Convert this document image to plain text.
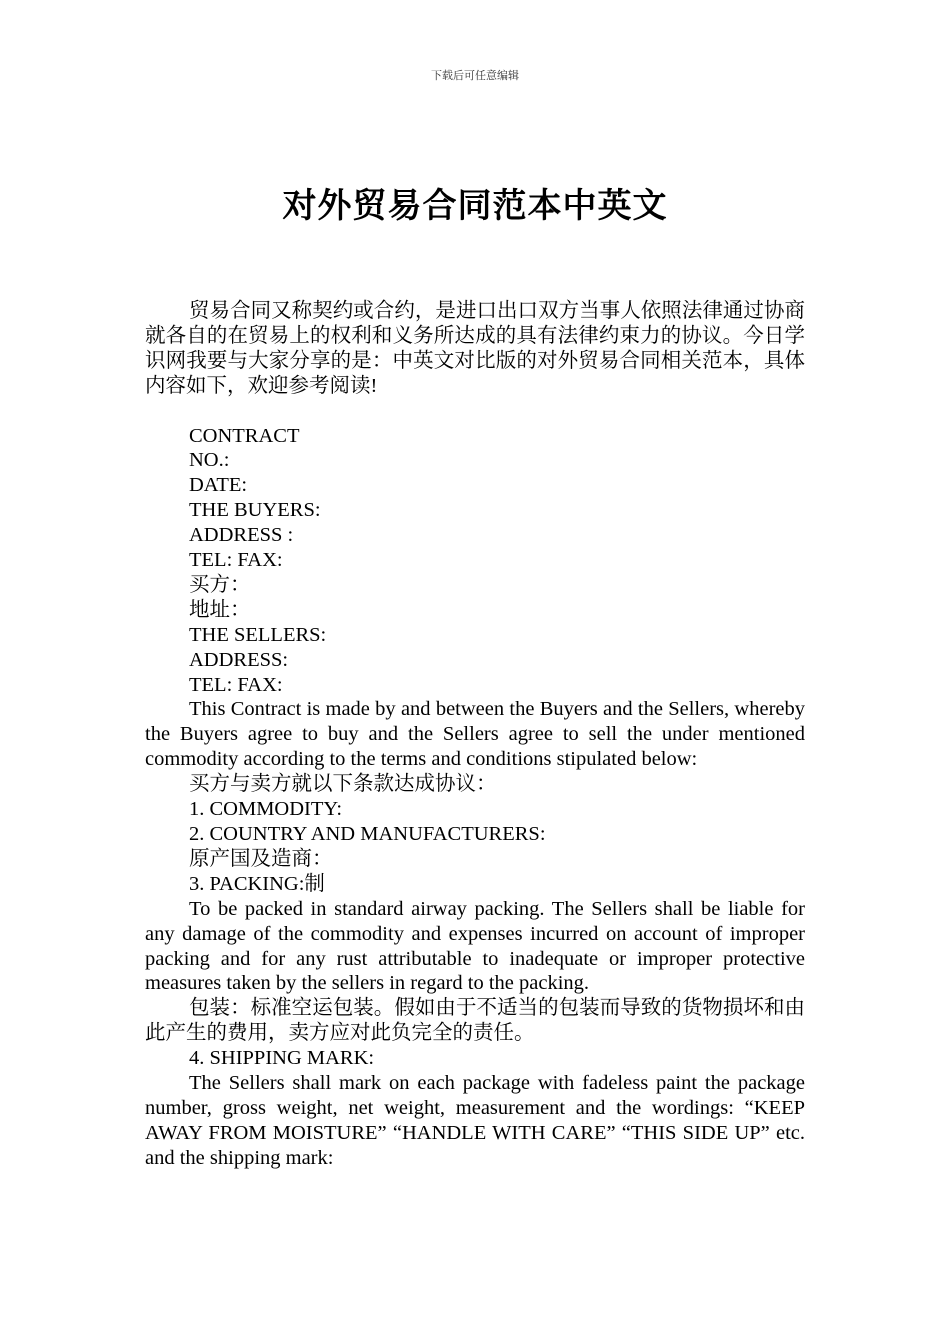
下载后可任意编辑
对外贸易合同范本中英文

贸易合同又称契约或合约，是进口出口双方当事人依照法律通过协商就各自的在贸易上的权利和义务所达成的具有法律约束力的协议。今日学识网我要与大家分享的是：中英文对比版的对外贸易合同相关范本，具体内容如下，欢迎参考阅读!

CONTRACT

NO.:

DATE:

THE BUYERS:

ADDRESS :

TEL: FAX:

买方：

地址：

THE SELLERS:

ADDRESS:

TEL: FAX:

This Contract is made by and between the Buyers and the Sellers, whereby the Buyers agree to buy and the Sellers agree to sell the under mentioned commodity according to the terms and conditions stipulated below:

买方与卖方就以下条款达成协议：

1. COMMODITY:

2. COUNTRY AND MANUFACTURERS:

原产国及造商：

3. PACKING:制

To be packed in standard airway packing. The Sellers shall be liable for any damage of the commodity and expenses incurred on account of improper packing and for any rust attributable to inadequate or improper protective measures taken by the sellers in regard to the packing.

包装：标准空运包装。假如由于不适当的包装而导致的货物损坏和由此产生的费用，卖方应对此负完全的责任。

4. SHIPPING MARK:

The Sellers shall mark on each package with fadeless paint the package number, gross weight, net weight, measurement and the wordings: “KEEP AWAY FROM MOISTURE” “HANDLE WITH CARE” “THIS SIDE UP” etc. and the shipping mark:
